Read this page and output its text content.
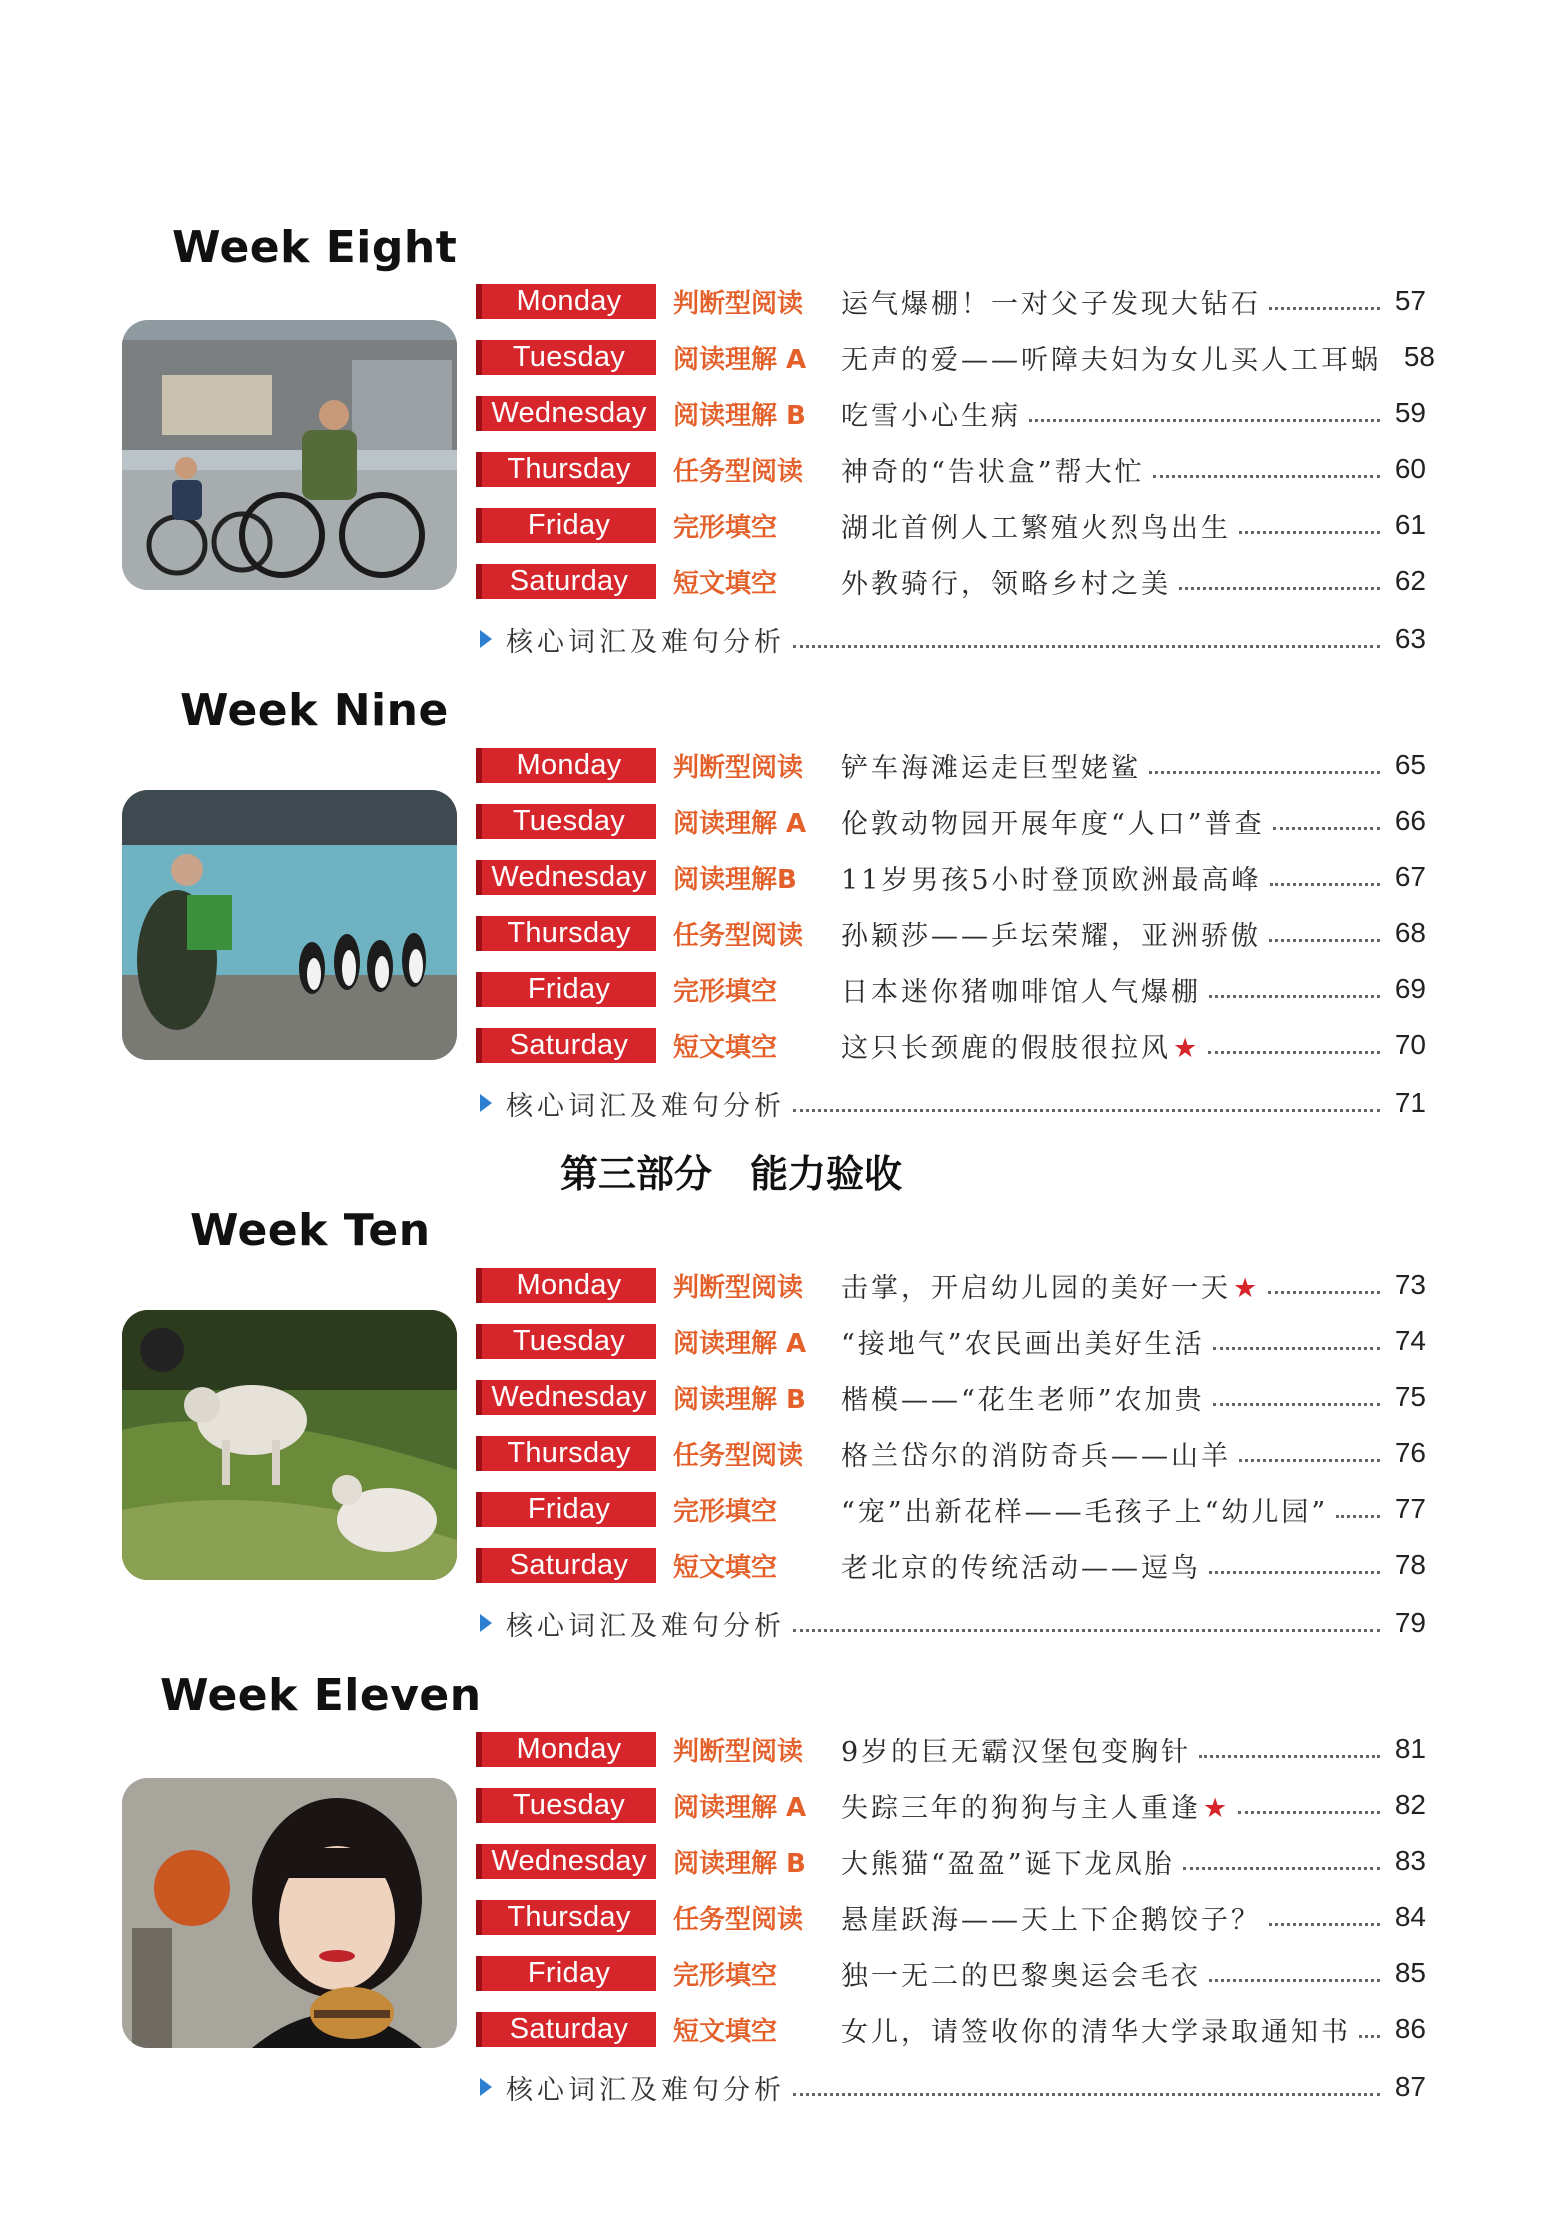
第三部分　能力验收
Week Eight
Monday	判断型阅读	运气爆棚！一对父子发现大钻石	57
Tuesday	阅读理解 A	无声的爱——听障夫妇为女儿买人工耳蜗 58
Wednesday	阅读理解 B	吃雪小心生病	59
Thursday	任务型阅读	神奇的“告状盒”帮大忙	60
Friday	完形填空	湖北首例人工繁殖火烈鸟出生	61
Saturday	短文填空	外教骑行，领略乡村之美	62
核心词汇及难句分析	63
Week Nine
Monday	判断型阅读	铲车海滩运走巨型姥鲨	65
Tuesday	阅读理解 A	伦敦动物园开展年度“人口”普查	66
Wednesday	阅读理解B	11岁男孩5小时登顶欧洲最高峰	67
Thursday	任务型阅读	孙颖莎——乒坛荣耀，亚洲骄傲	68
Friday	完形填空	日本迷你猪咖啡馆人气爆棚	69
Saturday	短文填空	这只长颈鹿的假肢很拉风★	70
核心词汇及难句分析	71
Week Ten
Monday	判断型阅读	击掌，开启幼儿园的美好一天★	73
Tuesday	阅读理解 A	“接地气”农民画出美好生活	74
Wednesday	阅读理解 B	楷模——“花生老师”农加贵	75
Thursday	任务型阅读	格兰岱尔的消防奇兵——山羊	76
Friday	完形填空	“宠”出新花样——毛孩子上“幼儿园” 77
Saturday	短文填空	老北京的传统活动——逗鸟	78
核心词汇及难句分析	79
Week Eleven
Monday	判断型阅读	9岁的巨无霸汉堡包变胸针	81
Tuesday	阅读理解 A	失踪三年的狗狗与主人重逢★	82
Wednesday	阅读理解 B	大熊猫“盈盈”诞下龙凤胎	83
Thursday	任务型阅读	悬崖跃海——天上下企鹅饺子？	84
Friday	完形填空	独一无二的巴黎奥运会毛衣	85
Saturday	短文填空	女儿，请签收你的清华大学录取通知书 86
核心词汇及难句分析	87
